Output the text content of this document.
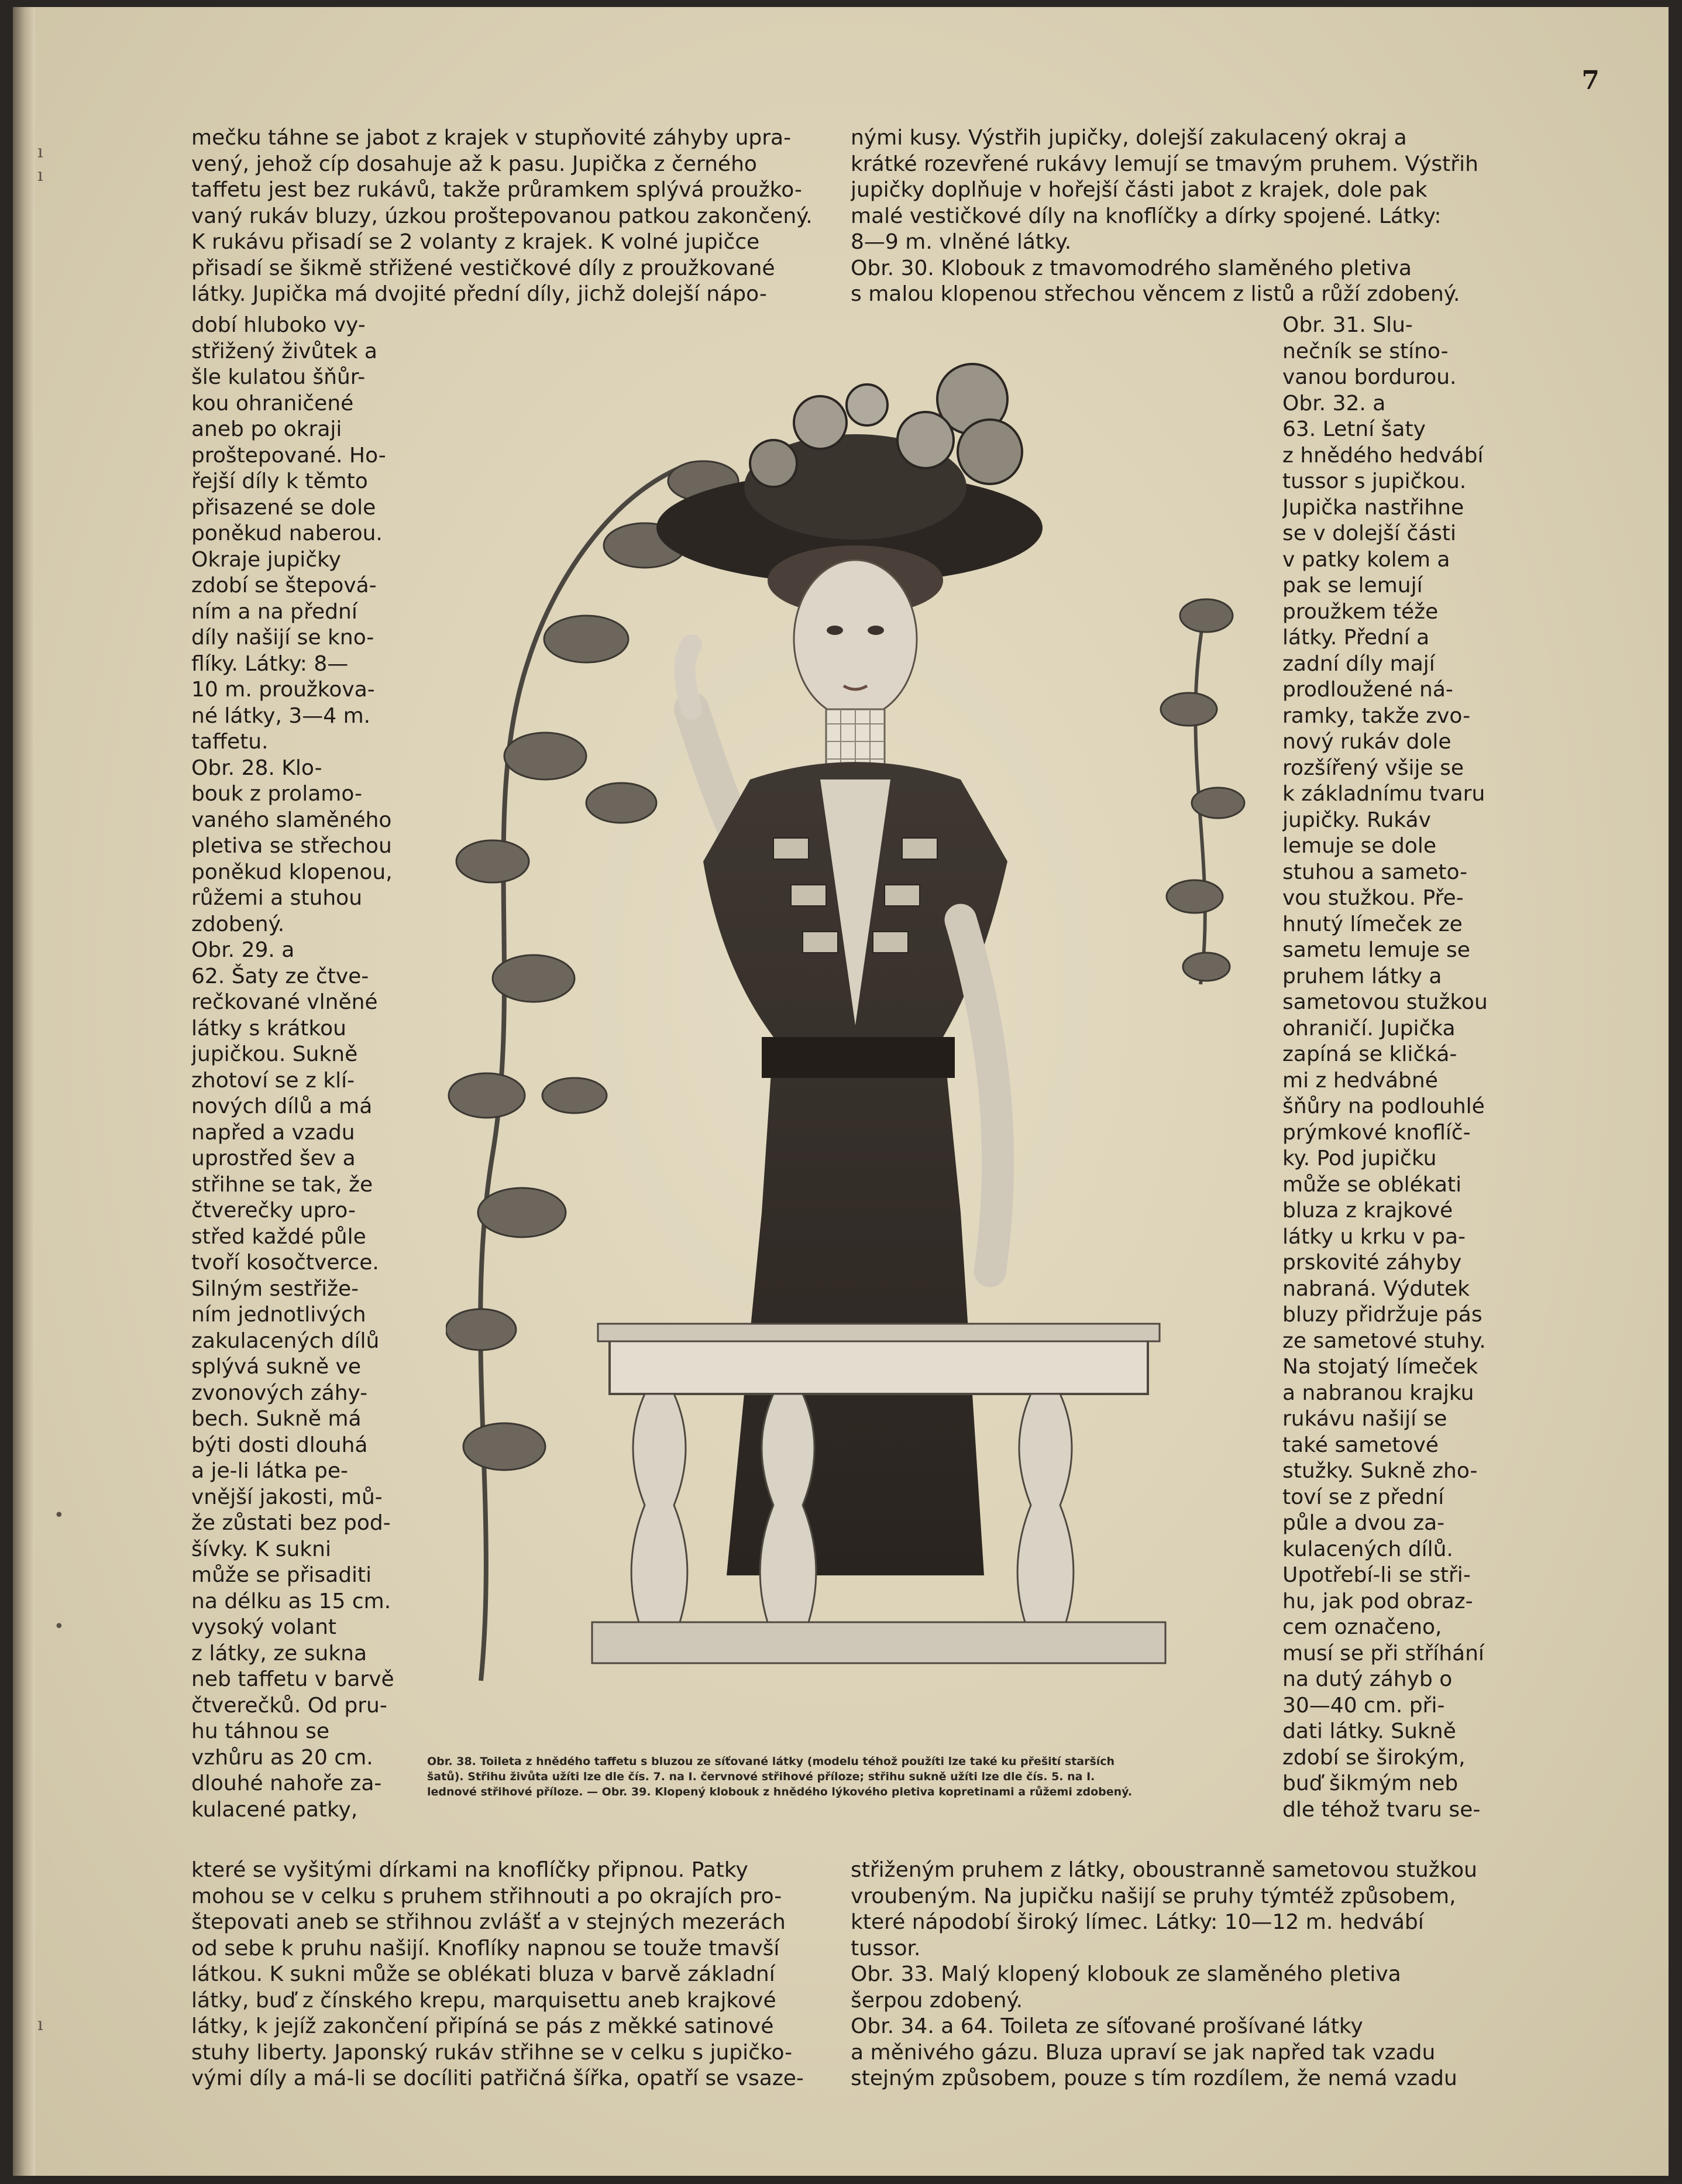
ı
ı
•
•
ı
7

mečku táhne se jabot z krajek v stupňovité záhyby upra-
vený, jehož cíp dosahuje až k pasu. Jupička z černého
taffetu jest bez rukávů, takže průramkem splývá proužko-
vaný rukáv bluzy, úzkou proštepovanou patkou zakončený.
K rukávu přisadí se 2 volanty z krajek. K volné jupičce
přisadí se šikmě střižené vestičkové díly z proužkované
látky. Jupička má dvojité přední díly, jichž dolejší nápo-

nými kusy. Výstřih jupičky, dolejší zakulacený okraj a
krátké rozevřené rukávy lemují se tmavým pruhem. Výstřih
jupičky doplňuje v hořejší části jabot z krajek, dole pak
malé vestičkové díly na knoflíčky a dírky spojené. Látky:
8—9 m. vlněné látky.
Obr. 30. Klobouk z tmavomodrého slaměného pletiva
s malou klopenou střechou věncem z listů a růží zdobený.

dobí hluboko vy-
střižený živůtek a
šle kulatou šňůr-
kou ohraničené
aneb po okraji
proštepované. Ho-
řejší díly k těmto
přisazené se dole
poněkud naberou.
Okraje jupičky
zdobí se štepová-
ním a na přední
díly našijí se kno-
flíky. Látky: 8—
10 m. proužkova-
né látky, 3—4 m.
taffetu.
Obr. 28. Klo-
bouk z prolamo-
vaného slaměného
pletiva se střechou
poněkud klopenou,
růžemi a stuhou
zdobený.
Obr. 29. a
62. Šaty ze čtve-
rečkované vlněné
látky s krátkou
jupičkou. Sukně
zhotoví se z klí-
nových dílů a má
napřed a vzadu
uprostřed šev a
střihne se tak, že
čtverečky upro-
střed každé půle
tvoří kosočtverce.
Silným sestřiže-
ním jednotlivých
zakulacených dílů
splývá sukně ve
zvonových záhy-
bech. Sukně má
býti dosti dlouhá
a je-li látka pe-
vnější jakosti, mů-
že zůstati bez pod-
šívky. K sukni
může se přisaditi
na délku as 15 cm.
vysoký volant
z látky, ze sukna
neb taffetu v barvě
čtverečků. Od pru-
hu táhnou se
vzhůru as 20 cm.
dlouhé nahoře za-
kulacené patky,

Obr. 31. Slu-
nečník se stíno-
vanou bordurou.
Obr. 32. a
63. Letní šaty
z hnědého hedvábí
tussor s jupičkou.
Jupička nastřihne
se v dolejší části
v patky kolem a
pak se lemují
proužkem téže
látky. Přední a
zadní díly mají
prodloužené ná-
ramky, takže zvo-
nový rukáv dole
rozšířený všije se
k základnímu tvaru
jupičky. Rukáv
lemuje se dole
stuhou a sameto-
vou stužkou. Pře-
hnutý límeček ze
sametu lemuje se
pruhem látky a
sametovou stužkou
ohraničí. Jupička
zapíná se kličká-
mi z hedvábné
šňůry na podlouhlé
prýmkové knoflíč-
ky. Pod jupičku
může se oblékati
bluza z krajkové
látky u krku v pa-
prskovité záhyby
nabraná. Výdutek
bluzy přidržuje pás
ze sametové stuhy.
Na stojatý límeček
a nabranou krajku
rukávu našijí se
také sametové
stužky. Sukně zho-
toví se z přední
půle a dvou za-
kulacených dílů.
Upotřebí-li se stři-
hu, jak pod obraz-
cem označeno,
musí se při stříhání
na dutý záhyb o
30—40 cm. při-
dati látky. Sukně
zdobí se širokým,
buď šikmým neb
dle téhož tvaru se-

Obr. 38. Toileta z hnědého taffetu s bluzou ze síťované látky (modelu téhož použíti lze také ku přešití starších
šatů). Střihu živůta užíti lze dle čís. 7. na I. červnové střihové příloze; střihu sukně užíti lze dle čís. 5. na I.
lednové střihové příloze. — Obr. 39. Klopený klobouk z hnědého lýkového pletiva kopretinami a růžemi zdobený.

které se vyšitými dírkami na knoflíčky připnou. Patky
mohou se v celku s pruhem střihnouti a po okrajích pro-
štepovati aneb se střihnou zvlášť a v stejných mezerách
od sebe k pruhu našijí. Knoflíky napnou se touže tmavší
látkou. K sukni může se oblékati bluza v barvě základní
látky, buď z čínského krepu, marquisettu aneb krajkové
látky, k jejíž zakončení připíná se pás z měkké satinové
stuhy liberty. Japonský rukáv střihne se v celku s jupičko-
vými díly a má-li se docíliti patřičná šířka, opatří se vsaze-

střiženým pruhem z látky, oboustranně sametovou stužkou
vroubeným. Na jupičku našijí se pruhy týmtéž způsobem,
které nápodobí široký límec. Látky: 10—12 m. hedvábí
tussor.
Obr. 33. Malý klopený klobouk ze slaměného pletiva
šerpou zdobený.
Obr. 34. a 64. Toileta ze síťované prošívané látky
a měnivého gázu. Bluza upraví se jak napřed tak vzadu
stejným způsobem, pouze s tím rozdílem, že nemá vzadu
